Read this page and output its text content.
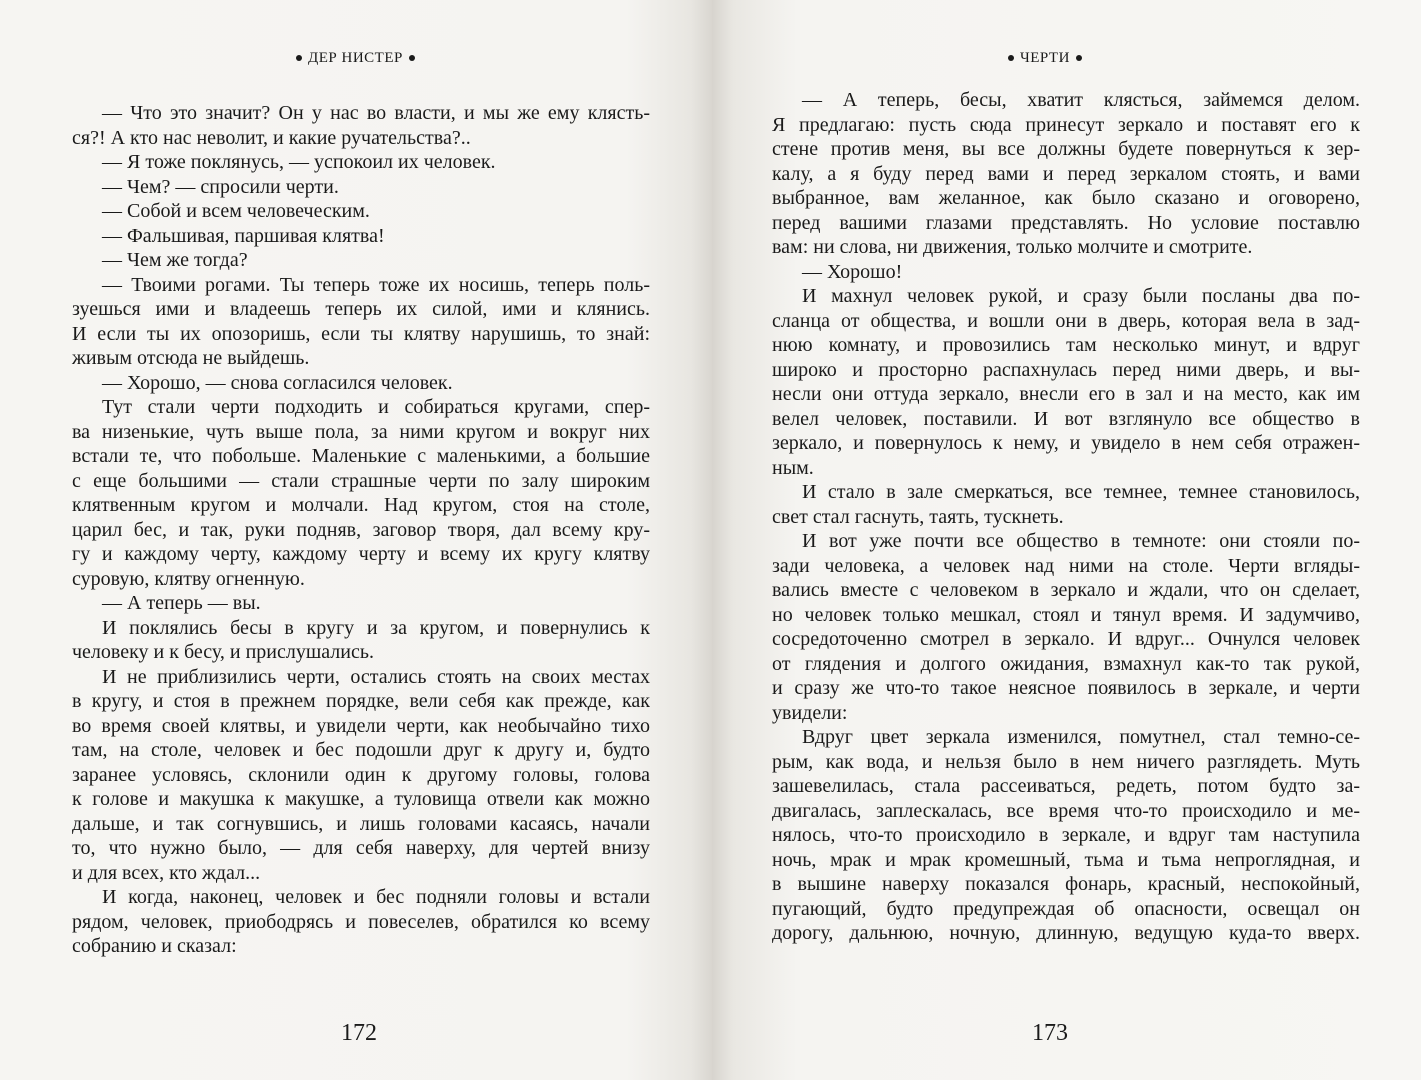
ДЕР НИСТЕР
— Что это значит? Он у нас во власти, и мы же ему клясть-
ся?! А кто нас неволит, и какие ручательства?..
— Я тоже поклянусь, — успокоил их человек.
— Чем? — спросили черти.
— Собой и всем человеческим.
— Фальшивая, паршивая клятва!
— Чем же тогда?
— Твоими рогами. Ты теперь тоже их носишь, теперь поль-
зуешься ими и владеешь теперь их силой, ими и клянись.
И если ты их опозоришь, если ты клятву нарушишь, то знай:
живым отсюда не выйдешь.
— Хорошо, — снова согласился человек.
Тут стали черти подходить и собираться кругами, спер-
ва низенькие, чуть выше пола, за ними кругом и вокруг них
встали те, что побольше. Маленькие с маленькими, а большие
с еще большими — стали страшные черти по залу широким
клятвенным кругом и молчали. Над кругом, стоя на столе,
царил бес, и так, руки подняв, заговор творя, дал всему кру-
гу и каждому черту, каждому черту и всему их кругу клятву
суровую, клятву огненную.
— А теперь — вы.
И поклялись бесы в кругу и за кругом, и повернулись к
человеку и к бесу, и прислушались.
И не приблизились черти, остались стоять на своих местах
в кругу, и стоя в прежнем порядке, вели себя как прежде, как
во время своей клятвы, и увидели черти, как необычайно тихо
там, на столе, человек и бес подошли друг к другу и, будто
заранее условясь, склонили один к другому головы, голова
к голове и макушка к макушке, а туловища отвели как можно
дальше, и так согнувшись, и лишь головами касаясь, начали
то, что нужно было, — для себя наверху, для чертей внизу
и для всех, кто ждал...
И когда, наконец, человек и бес подняли головы и встали
рядом, человек, приободрясь и повеселев, обратился ко всему
собранию и сказал:
172
ЧЕРТИ
— А теперь, бесы, хватит клясться, займемся делом.
Я предлагаю: пусть сюда принесут зеркало и поставят его к
стене против меня, вы все должны будете повернуться к зер-
калу, а я буду перед вами и перед зеркалом стоять, и вами
выбранное, вам желанное, как было сказано и оговорено,
перед вашими глазами представлять. Но условие поставлю
вам: ни слова, ни движения, только молчите и смотрите.
— Хорошо!
И махнул человек рукой, и сразу были посланы два по-
сланца от общества, и вошли они в дверь, которая вела в зад-
нюю комнату, и провозились там несколько минут, и вдруг
широко и просторно распахнулась перед ними дверь, и вы-
несли они оттуда зеркало, внесли его в зал и на место, как им
велел человек, поставили. И вот взглянуло все общество в
зеркало, и повернулось к нему, и увидело в нем себя отражен-
ным.
И стало в зале смеркаться, все темнее, темнее становилось,
свет стал гаснуть, таять, тускнеть.
И вот уже почти все общество в темноте: они стояли по-
зади человека, а человек над ними на столе. Черти вгляды-
вались вместе с человеком в зеркало и ждали, что он сделает,
но человек только мешкал, стоял и тянул время. И задумчиво,
сосредоточенно смотрел в зеркало. И вдруг... Очнулся человек
от глядения и долгого ожидания, взмахнул как-то так рукой,
и сразу же что-то такое неясное появилось в зеркале, и черти
увидели:
Вдруг цвет зеркала изменился, помутнел, стал темно-се-
рым, как вода, и нельзя было в нем ничего разглядеть. Муть
зашевелилась, стала рассеиваться, редеть, потом будто за-
двигалась, заплескалась, все время что-то происходило и ме-
нялось, что-то происходило в зеркале, и вдруг там наступила
ночь, мрак и мрак кромешный, тьма и тьма непроглядная, и
в вышине наверху показался фонарь, красный, неспокойный,
пугающий, будто предупреждая об опасности, освещал он
дорогу, дальнюю, ночную, длинную, ведущую куда-то вверх.
173
